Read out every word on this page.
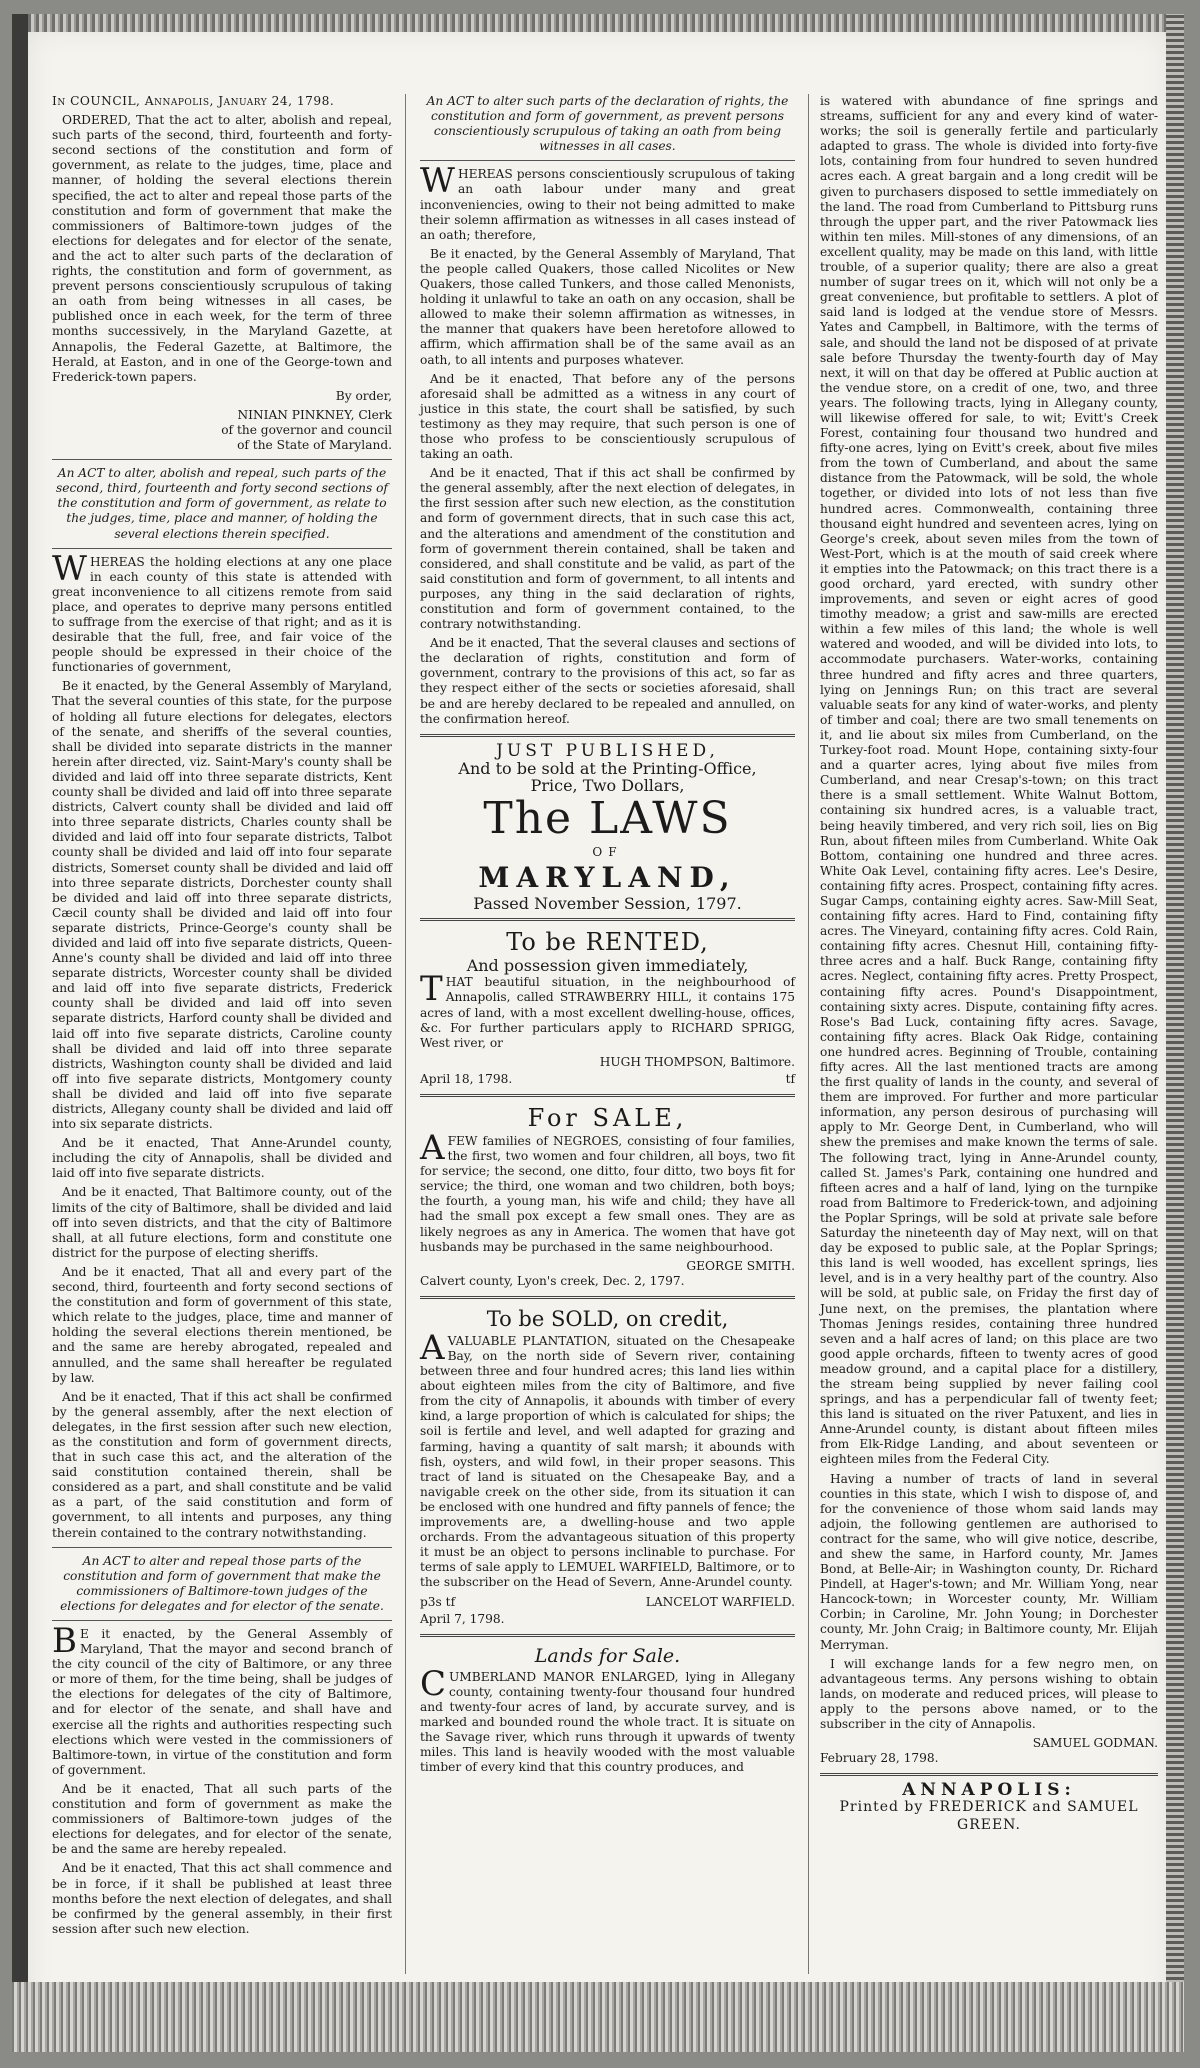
In COUNCIL, Annapolis, January 24, 1798.

ORDERED, That the act to alter, abolish and repeal, such parts of the second, third, fourteenth and forty-second sections of the constitution and form of government, as relate to the judges, time, place and manner, of holding the several elections therein specified, the act to alter and repeal those parts of the constitution and form of government that make the commissioners of Baltimore-town judges of the elections for delegates and for elector of the senate, and the act to alter such parts of the declaration of rights, the constitution and form of government, as prevent persons conscientiously scrupulous of taking an oath from being witnesses in all cases, be published once in each week, for the term of three months successively, in the Maryland Gazette, at Annapolis, the Federal Gazette, at Baltimore, the Herald, at Easton, and in one of the George-town and Frederick-town papers.

By order,

NINIAN PINKNEY, Clerk

of the governor and council

of the State of Maryland.

An ACT to alter, abolish and repeal, such parts of the second, third, fourteenth and forty second sections of the constitution and form of government, as relate to the judges, time, place and manner, of holding the several elections therein specified.

WHEREAS the holding elections at any one place in each county of this state is attended with great inconvenience to all citizens remote from said place, and operates to deprive many persons entitled to suffrage from the exercise of that right; and as it is desirable that the full, free, and fair voice of the people should be expressed in their choice of the functionaries of government,

Be it enacted, by the General Assembly of Maryland, That the several counties of this state, for the purpose of holding all future elections for delegates, electors of the senate, and sheriffs of the several counties, shall be divided into separate districts in the manner herein after directed, viz. Saint-Mary's county shall be divided and laid off into three separate districts, Kent county shall be divided and laid off into three separate districts, Calvert county shall be divided and laid off into three separate districts, Charles county shall be divided and laid off into four separate districts, Talbot county shall be divided and laid off into four separate districts, Somerset county shall be divided and laid off into three separate districts, Dorchester county shall be divided and laid off into three separate districts, Cæcil county shall be divided and laid off into four separate districts, Prince-George's county shall be divided and laid off into five separate districts, Queen-Anne's county shall be divided and laid off into three separate districts, Worcester county shall be divided and laid off into five separate districts, Frederick county shall be divided and laid off into seven separate districts, Harford county shall be divided and laid off into five separate districts, Caroline county shall be divided and laid off into three separate districts, Washington county shall be divided and laid off into five separate districts, Montgomery county shall be divided and laid off into five separate districts, Allegany county shall be divided and laid off into six separate districts.

And be it enacted, That Anne-Arundel county, including the city of Annapolis, shall be divided and laid off into five separate districts.

And be it enacted, That Baltimore county, out of the limits of the city of Baltimore, shall be divided and laid off into seven districts, and that the city of Baltimore shall, at all future elections, form and constitute one district for the purpose of electing sheriffs.

And be it enacted, That all and every part of the second, third, fourteenth and forty second sections of the constitution and form of government of this state, which relate to the judges, place, time and manner of holding the several elections therein mentioned, be and the same are hereby abrogated, repealed and annulled, and the same shall hereafter be regulated by law.

And be it enacted, That if this act shall be confirmed by the general assembly, after the next election of delegates, in the first session after such new election, as the constitution and form of government directs, that in such case this act, and the alteration of the said constitution contained therein, shall be considered as a part, and shall constitute and be valid as a part, of the said constitution and form of government, to all intents and purposes, any thing therein contained to the contrary notwithstanding.

An ACT to alter and repeal those parts of the constitution and form of government that make the commissioners of Baltimore-town judges of the elections for delegates and for elector of the senate.

BE it enacted, by the General Assembly of Maryland, That the mayor and second branch of the city council of the city of Baltimore, or any three or more of them, for the time being, shall be judges of the elections for delegates of the city of Baltimore, and for elector of the senate, and shall have and exercise all the rights and authorities respecting such elections which were vested in the commissioners of Baltimore-town, in virtue of the constitution and form of government.

And be it enacted, That all such parts of the constitution and form of government as make the commissioners of Baltimore-town judges of the elections for delegates, and for elector of the senate, be and the same are hereby repealed.

And be it enacted, That this act shall commence and be in force, if it shall be published at least three months before the next election of delegates, and shall be confirmed by the general assembly, in their first session after such new election.

An ACT to alter such parts of the declaration of rights, the constitution and form of government, as prevent persons conscientiously scrupulous of taking an oath from being witnesses in all cases.

WHEREAS persons conscientiously scrupulous of taking an oath labour under many and great inconveniencies, owing to their not being admitted to make their solemn affirmation as witnesses in all cases instead of an oath; therefore,

Be it enacted, by the General Assembly of Maryland, That the people called Quakers, those called Nicolites or New Quakers, those called Tunkers, and those called Menonists, holding it unlawful to take an oath on any occasion, shall be allowed to make their solemn affirmation as witnesses, in the manner that quakers have been heretofore allowed to affirm, which affirmation shall be of the same avail as an oath, to all intents and purposes whatever.

And be it enacted, That before any of the persons aforesaid shall be admitted as a witness in any court of justice in this state, the court shall be satisfied, by such testimony as they may require, that such person is one of those who profess to be conscientiously scrupulous of taking an oath.

And be it enacted, That if this act shall be confirmed by the general assembly, after the next election of delegates, in the first session after such new election, as the constitution and form of government directs, that in such case this act, and the alterations and amendment of the constitution and form of government therein contained, shall be taken and considered, and shall constitute and be valid, as part of the said constitution and form of government, to all intents and purposes, any thing in the said declaration of rights, constitution and form of government contained, to the contrary notwithstanding.

And be it enacted, That the several clauses and sections of the declaration of rights, constitution and form of government, contrary to the provisions of this act, so far as they respect either of the sects or societies aforesaid, shall be and are hereby declared to be repealed and annulled, on the confirmation hereof.

JUST PUBLISHED,

And to be sold at the Printing-Office,

Price, Two Dollars,

The LAWS

OF

MARYLAND,

Passed November Session, 1797.

To be RENTED,

And possession given immediately,

THAT beautiful situation, in the neighbourhood of Annapolis, called STRAWBERRY HILL, it contains 175 acres of land, with a most excellent dwelling-house, offices, &c. For further particulars apply to RICHARD SPRIGG, West river, or

HUGH THOMPSON, Baltimore.

April 18, 1798.	tf

For SALE,

AFEW families of NEGROES, consisting of four families, the first, two women and four children, all boys, two fit for service; the second, one ditto, four ditto, two boys fit for service; the third, one woman and two children, both boys; the fourth, a young man, his wife and child; they have all had the small pox except a few small ones. They are as likely negroes as any in America. The women that have got husbands may be purchased in the same neighbourhood.

GEORGE SMITH.

Calvert county, Lyon's creek, Dec. 2, 1797.

To be SOLD, on credit,

AVALUABLE PLANTATION, situated on the Chesapeake Bay, on the north side of Severn river, containing between three and four hundred acres; this land lies within about eighteen miles from the city of Baltimore, and five from the city of Annapolis, it abounds with timber of every kind, a large proportion of which is calculated for ships; the soil is fertile and level, and well adapted for grazing and farming, having a quantity of salt marsh; it abounds with fish, oysters, and wild fowl, in their proper seasons. This tract of land is situated on the Chesapeake Bay, and a navigable creek on the other side, from its situation it can be enclosed with one hundred and fifty pannels of fence; the improvements are, a dwelling-house and two apple orchards. From the advantageous situation of this property it must be an object to persons inclinable to purchase. For terms of sale apply to LEMUEL WARFIELD, Baltimore, or to the subscriber on the Head of Severn, Anne-Arundel county.

p3s tf	LANCELOT WARFIELD.

April 7, 1798.

Lands for Sale.

CUMBERLAND MANOR ENLARGED, lying in Allegany county, containing twenty-four thousand four hundred and twenty-four acres of land, by accurate survey, and is marked and bounded round the whole tract. It is situate on the Savage river, which runs through it upwards of twenty miles. This land is heavily wooded with the most valuable timber of every kind that this country produces, and

is watered with abundance of fine springs and streams, sufficient for any and every kind of water-works; the soil is generally fertile and particularly adapted to grass. The whole is divided into forty-five lots, containing from four hundred to seven hundred acres each. A great bargain and a long credit will be given to purchasers disposed to settle immediately on the land. The road from Cumberland to Pittsburg runs through the upper part, and the river Patowmack lies within ten miles. Mill-stones of any dimensions, of an excellent quality, may be made on this land, with little trouble, of a superior quality; there are also a great number of sugar trees on it, which will not only be a great convenience, but profitable to settlers. A plot of said land is lodged at the vendue store of Messrs. Yates and Campbell, in Baltimore, with the terms of sale, and should the land not be disposed of at private sale before Thursday the twenty-fourth day of May next, it will on that day be offered at Public auction at the vendue store, on a credit of one, two, and three years. The following tracts, lying in Allegany county, will likewise offered for sale, to wit; Evitt's Creek Forest, containing four thousand two hundred and fifty-one acres, lying on Evitt's creek, about five miles from the town of Cumberland, and about the same distance from the Patowmack, will be sold, the whole together, or divided into lots of not less than five hundred acres. Commonwealth, containing three thousand eight hundred and seventeen acres, lying on George's creek, about seven miles from the town of West-Port, which is at the mouth of said creek where it empties into the Patowmack; on this tract there is a good orchard, yard erected, with sundry other improvements, and seven or eight acres of good timothy meadow; a grist and saw-mills are erected within a few miles of this land; the whole is well watered and wooded, and will be divided into lots, to accommodate purchasers. Water-works, containing three hundred and fifty acres and three quarters, lying on Jennings Run; on this tract are several valuable seats for any kind of water-works, and plenty of timber and coal; there are two small tenements on it, and lie about six miles from Cumberland, on the Turkey-foot road. Mount Hope, containing sixty-four and a quarter acres, lying about five miles from Cumberland, and near Cresap's-town; on this tract there is a small settlement. White Walnut Bottom, containing six hundred acres, is a valuable tract, being heavily timbered, and very rich soil, lies on Big Run, about fifteen miles from Cumberland. White Oak Bottom, containing one hundred and three acres. White Oak Level, containing fifty acres. Lee's Desire, containing fifty acres. Prospect, containing fifty acres. Sugar Camps, containing eighty acres. Saw-Mill Seat, containing fifty acres. Hard to Find, containing fifty acres. The Vineyard, containing fifty acres. Cold Rain, containing fifty acres. Chesnut Hill, containing fifty-three acres and a half. Buck Range, containing fifty acres. Neglect, containing fifty acres. Pretty Prospect, containing fifty acres. Pound's Disappointment, containing sixty acres. Dispute, containing fifty acres. Rose's Bad Luck, containing fifty acres. Savage, containing fifty acres. Black Oak Ridge, containing one hundred acres. Beginning of Trouble, containing fifty acres. All the last mentioned tracts are among the first quality of lands in the county, and several of them are improved. For further and more particular information, any person desirous of purchasing will apply to Mr. George Dent, in Cumberland, who will shew the premises and make known the terms of sale. The following tract, lying in Anne-Arundel county, called St. James's Park, containing one hundred and fifteen acres and a half of land, lying on the turnpike road from Baltimore to Frederick-town, and adjoining the Poplar Springs, will be sold at private sale before Saturday the nineteenth day of May next, will on that day be exposed to public sale, at the Poplar Springs; this land is well wooded, has excellent springs, lies level, and is in a very healthy part of the country. Also will be sold, at public sale, on Friday the first day of June next, on the premises, the plantation where Thomas Jenings resides, containing three hundred seven and a half acres of land; on this place are two good apple orchards, fifteen to twenty acres of good meadow ground, and a capital place for a distillery, the stream being supplied by never failing cool springs, and has a perpendicular fall of twenty feet; this land is situated on the river Patuxent, and lies in Anne-Arundel county, is distant about fifteen miles from Elk-Ridge Landing, and about seventeen or eighteen miles from the Federal City.

Having a number of tracts of land in several counties in this state, which I wish to dispose of, and for the convenience of those whom said lands may adjoin, the following gentlemen are authorised to contract for the same, who will give notice, describe, and shew the same, in Harford county, Mr. James Bond, at Belle-Air; in Washington county, Dr. Richard Pindell, at Hager's-town; and Mr. William Yong, near Hancock-town; in Worcester county, Mr. William Corbin; in Caroline, Mr. John Young; in Dorchester county, Mr. John Craig; in Baltimore county, Mr. Elijah Merryman.

I will exchange lands for a few negro men, on advantageous terms. Any persons wishing to obtain lands, on moderate and reduced prices, will please to apply to the persons above named, or to the subscriber in the city of Annapolis.

SAMUEL GODMAN.

February 28, 1798.

ANNAPOLIS:

Printed by FREDERICK and SAMUEL

GREEN.
